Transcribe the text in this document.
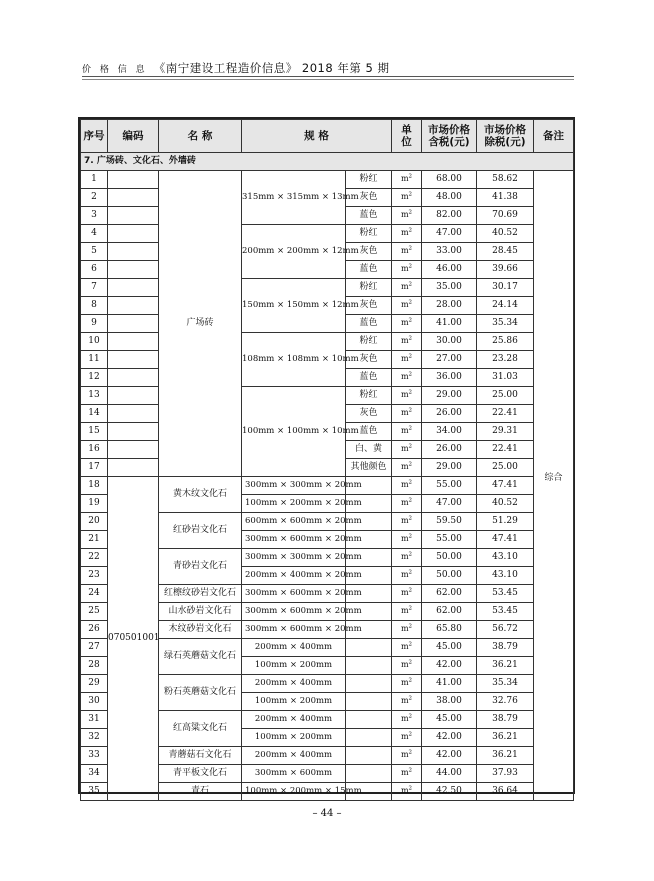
价 格 信 息 《南宁建设工程造价信息》 2018 年第 5 期
序号	编码	名 称	规 格		单位	市场价格含税(元)	市场价格除税(元)	备注
7. 广场砖、文化石、外墙砖								
1		广场砖	315mm × 315mm × 13mm	粉红	$m^2$	68.00	58.62	综合

2				灰色	$m^2$	48.00	41.38	
3				蓝色	$m^2$	82.00	70.69	
4			200mm × 200mm × 12mm	粉红	$m^2$	47.00	40.52	
5				灰色	$m^2$	33.00	28.45	
6				蓝色	$m^2$	46.00	39.66	
7			150mm × 150mm × 12mm	粉红	$m^2$	35.00	30.17	
8				灰色	$m^2$	28.00	24.14	
9				蓝色	$m^2$	41.00	35.34	
10			108mm × 108mm × 10mm	粉红	$m^2$	30.00	25.86	
11				灰色	$m^2$	27.00	23.28	
12				蓝色	$m^2$	36.00	31.03	
13			100mm × 100mm × 10mm	粉红	$m^2$	29.00	25.00	
14				灰色	$m^2$	26.00	22.41	
15				蓝色	$m^2$	34.00	29.31	
16				白、黄	$m^2$	26.00	22.41	
17				其他颜色	$m^2$	29.00	25.00	
18	070501001	黄木纹文化石	300mm × 300mm × 20mm		$m^2$	55.00	47.41	
19			100mm × 200mm × 20mm		$m^2$	47.00	40.52	
20		红砂岩文化石	600mm × 600mm × 20mm		$m^2$	59.50	51.29	
21			300mm × 600mm × 20mm		$m^2$	55.00	47.41	
22		青砂岩文化石	300mm × 300mm × 20mm		$m^2$	50.00	43.10	
23			200mm × 400mm × 20mm		$m^2$	50.00	43.10	
24		红檫纹砂岩文化石	300mm × 600mm × 20mm		$m^2$	62.00	53.45	
25		山水砂岩文化石	300mm × 600mm × 20mm		$m^2$	62.00	53.45	
26		木纹砂岩文化石	300mm × 600mm × 20mm		$m^2$	65.80	56.72	
27		绿石英蘑菇文化石	200mm × 400mm		$m^2$	45.00	38.79	
28			100mm × 200mm		$m^2$	42.00	36.21	
29		粉石英蘑菇文化石	200mm × 400mm		$m^2$	41.00	35.34	
30			100mm × 200mm		$m^2$	38.00	32.76	
31		红高粱文化石	200mm × 400mm		$m^2$	45.00	38.79	
32			100mm × 200mm		$m^2$	42.00	36.21	
33		青蘑菇石文化石	200mm × 400mm		$m^2$	42.00	36.21	
34		青平板文化石	300mm × 600mm		$m^2$	44.00	37.93	
35		青石	100mm × 200mm × 15mm		$m^2$	42.50	36.64	
– 44 –
